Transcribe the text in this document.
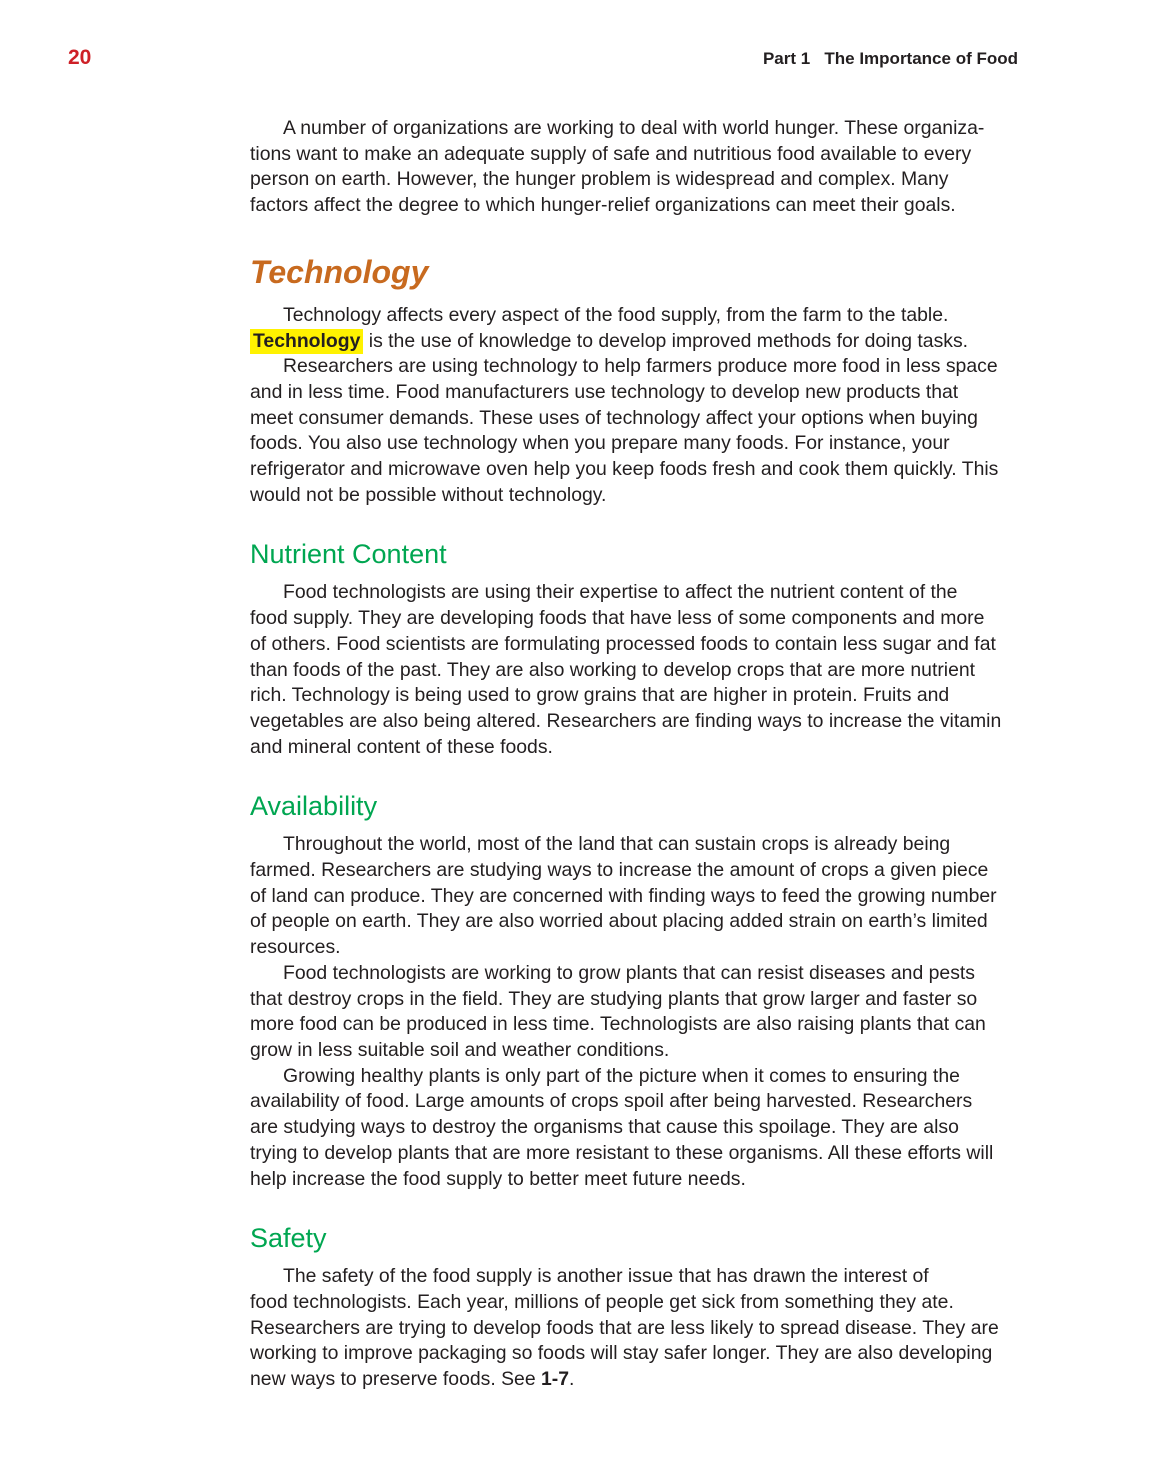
20	Part 1   The Importance of Food
A number of organizations are working to deal with world hunger. These organiza-
tions want to make an adequate supply of safe and nutritious food available to every
person on earth. However, the hunger problem is widespread and complex. Many
factors affect the degree to which hunger-relief organizations can meet their goals.
Technology
Technology affects every aspect of the food supply, from the farm to the table.
Technology is the use of knowledge to develop improved methods for doing tasks.
Researchers are using technology to help farmers produce more food in less space
and in less time. Food manufacturers use technology to develop new products that
meet consumer demands. These uses of technology affect your options when buying
foods. You also use technology when you prepare many foods. For instance, your
refrigerator and microwave oven help you keep foods fresh and cook them quickly. This
would not be possible without technology.
Nutrient Content
Food technologists are using their expertise to affect the nutrient content of the
food supply. They are developing foods that have less of some components and more
of others. Food scientists are formulating processed foods to contain less sugar and fat
than foods of the past. They are also working to develop crops that are more nutrient
rich. Technology is being used to grow grains that are higher in protein. Fruits and
vegetables are also being altered. Researchers are finding ways to increase the vitamin
and mineral content of these foods.
Availability
Throughout the world, most of the land that can sustain crops is already being
farmed. Researchers are studying ways to increase the amount of crops a given piece
of land can produce. They are concerned with finding ways to feed the growing number
of people on earth. They are also worried about placing added strain on earth’s limited
resources.
Food technologists are working to grow plants that can resist diseases and pests
that destroy crops in the field. They are studying plants that grow larger and faster so
more food can be produced in less time. Technologists are also raising plants that can
grow in less suitable soil and weather conditions.
Growing healthy plants is only part of the picture when it comes to ensuring the
availability of food. Large amounts of crops spoil after being harvested. Researchers
are studying ways to destroy the organisms that cause this spoilage. They are also
trying to develop plants that are more resistant to these organisms. All these efforts will
help increase the food supply to better meet future needs.
Safety
The safety of the food supply is another issue that has drawn the interest of
food technologists. Each year, millions of people get sick from something they ate.
Researchers are trying to develop foods that are less likely to spread disease. They are
working to improve packaging so foods will stay safer longer. They are also developing
new ways to preserve foods. See 1-7.
